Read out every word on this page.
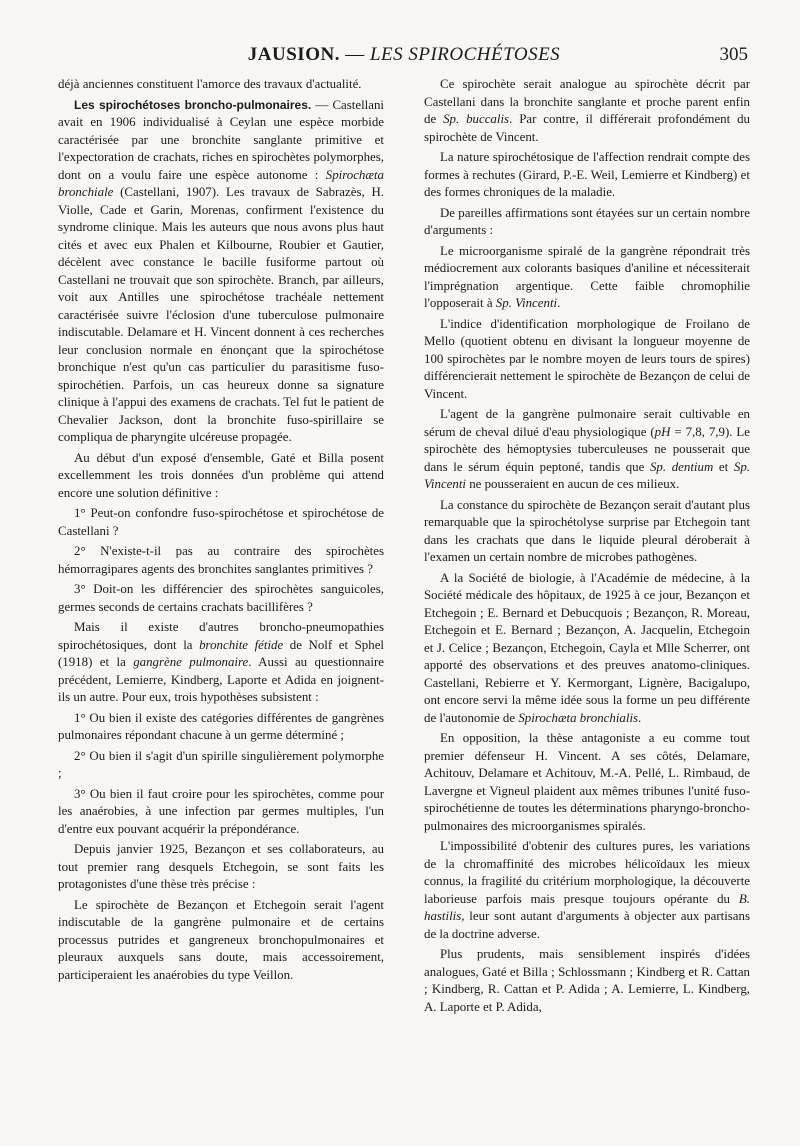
JAUSION. — LES SPIROCHÉTOSES	305

déjà anciennes constituent l'amorce des travaux d'actualité.

Les spirochétoses broncho-pulmonaires. — Castellani avait en 1906 individualisé à Ceylan une espèce morbide caractérisée par une bronchite sanglante primitive et l'expectoration de crachats, riches en spirochètes polymorphes, dont on a voulu faire une espèce autonome : Spirochæta bronchiale (Castellani, 1907). Les travaux de Sabrazès, H. Violle, Cade et Garin, Morenas, confirment l'existence du syndrome clinique. Mais les auteurs que nous avons plus haut cités et avec eux Phalen et Kilbourne, Roubier et Gautier, décèlent avec constance le bacille fusiforme partout où Castellani ne trouvait que son spirochète. Branch, par ailleurs, voit aux Antilles une spirochétose trachéale nettement caractérisée suivre l'éclosion d'une tuberculose pulmonaire indiscutable. Delamare et H. Vincent donnent à ces recherches leur conclusion normale en énonçant que la spirochétose bronchique n'est qu'un cas particulier du parasitisme fuso-spirochétien. Parfois, un cas heureux donne sa signature clinique à l'appui des examens de crachats. Tel fut le patient de Chevalier Jackson, dont la bronchite fuso-spirillaire se compliqua de pharyngite ulcéreuse propagée.

Au début d'un exposé d'ensemble, Gaté et Billa posent excellemment les trois données d'un problème qui attend encore une solution définitive :

1° Peut-on confondre fuso-spirochétose et spirochétose de Castellani ?

2° N'existe-t-il pas au contraire des spirochètes hémorragipares agents des bronchites sanglantes primitives ?

3° Doit-on les différencier des spirochètes sanguicoles, germes seconds de certains crachats bacillifères ?

Mais il existe d'autres broncho-pneumopathies spirochétosiques, dont la bronchite fétide de Nolf et Sphel (1918) et la gangrène pulmonaire. Aussi au questionnaire précédent, Lemierre, Kindberg, Laporte et Adida en joignent-ils un autre. Pour eux, trois hypothèses subsistent :

1° Ou bien il existe des catégories différentes de gangrènes pulmonaires répondant chacune à un germe déterminé ;

2° Ou bien il s'agit d'un spirille singulièrement polymorphe ;

3° Ou bien il faut croire pour les spirochètes, comme pour les anaérobies, à une infection par germes multiples, l'un d'entre eux pouvant acquérir la prépondérance.

Depuis janvier 1925, Bezançon et ses collaborateurs, au tout premier rang desquels Etchegoin, se sont faits les protagonistes d'une thèse très précise :

Le spirochète de Bezançon et Etchegoin serait l'agent indiscutable de la gangrène pulmonaire et de certains processus putrides et gangreneux bronchopulmonaires et pleuraux auxquels sans doute, mais accessoirement, participeraient les anaérobies du type Veillon.

Ce spirochète serait analogue au spirochète décrit par Castellani dans la bronchite sanglante et proche parent enfin de Sp. buccalis. Par contre, il différerait profondément du spirochète de Vincent.

La nature spirochétosique de l'affection rendrait compte des formes à rechutes (Girard, P.-E. Weil, Lemierre et Kindberg) et des formes chroniques de la maladie.

De pareilles affirmations sont étayées sur un certain nombre d'arguments :

Le microorganisme spiralé de la gangrène répondrait très médiocrement aux colorants basiques d'aniline et nécessiterait l'imprégnation argentique. Cette faible chromophilie l'opposerait à Sp. Vincenti.

L'indice d'identification morphologique de Froilano de Mello (quotient obtenu en divisant la longueur moyenne de 100 spirochètes par le nombre moyen de leurs tours de spires) différencierait nettement le spirochète de Bezançon de celui de Vincent.

L'agent de la gangrène pulmonaire serait cultivable en sérum de cheval dilué d'eau physiologique (pH = 7,8, 7,9). Le spirochète des hémoptysies tuberculeuses ne pousserait que dans le sérum équin peptoné, tandis que Sp. dentium et Sp. Vincenti ne pousseraient en aucun de ces milieux.

La constance du spirochète de Bezançon serait d'autant plus remarquable que la spirochétolyse surprise par Etchegoin tant dans les crachats que dans le liquide pleural déroberait à l'examen un certain nombre de microbes pathogènes.

A la Société de biologie, à l'Académie de médecine, à la Société médicale des hôpitaux, de 1925 à ce jour, Bezançon et Etchegoin ; E. Bernard et Debucquois ; Bezançon, R. Moreau, Etchegoin et E. Bernard ; Bezançon, A. Jacquelin, Etchegoin et J. Celice ; Bezançon, Etchegoin, Cayla et Mlle Scherrer, ont apporté des observations et des preuves anatomo-cliniques. Castellani, Rebierre et Y. Kermorgant, Lignère, Bacigalupo, ont encore servi la même idée sous la forme un peu différente de l'autonomie de Spirochæta bronchialis.

En opposition, la thèse antagoniste a eu comme tout premier défenseur H. Vincent. A ses côtés, Delamare, Achitouv, Delamare et Achitouv, M.-A. Pellé, L. Rimbaud, de Lavergne et Vigneul plaident aux mêmes tribunes l'unité fuso-spirochétienne de toutes les déterminations pharyngo-broncho-pulmonaires des microorganismes spiralés.

L'impossibilité d'obtenir des cultures pures, les variations de la chromaffinité des microbes hélicoïdaux les mieux connus, la fragilité du critérium morphologique, la découverte laborieuse parfois mais presque toujours opérante du B. hastilis, leur sont autant d'arguments à objecter aux partisans de la doctrine adverse.

Plus prudents, mais sensiblement inspirés d'idées analogues, Gaté et Billa ; Schlossmann ; Kindberg et R. Cattan ; Kindberg, R. Cattan et P. Adida ; A. Lemierre, L. Kindberg, A. Laporte et P. Adida,
